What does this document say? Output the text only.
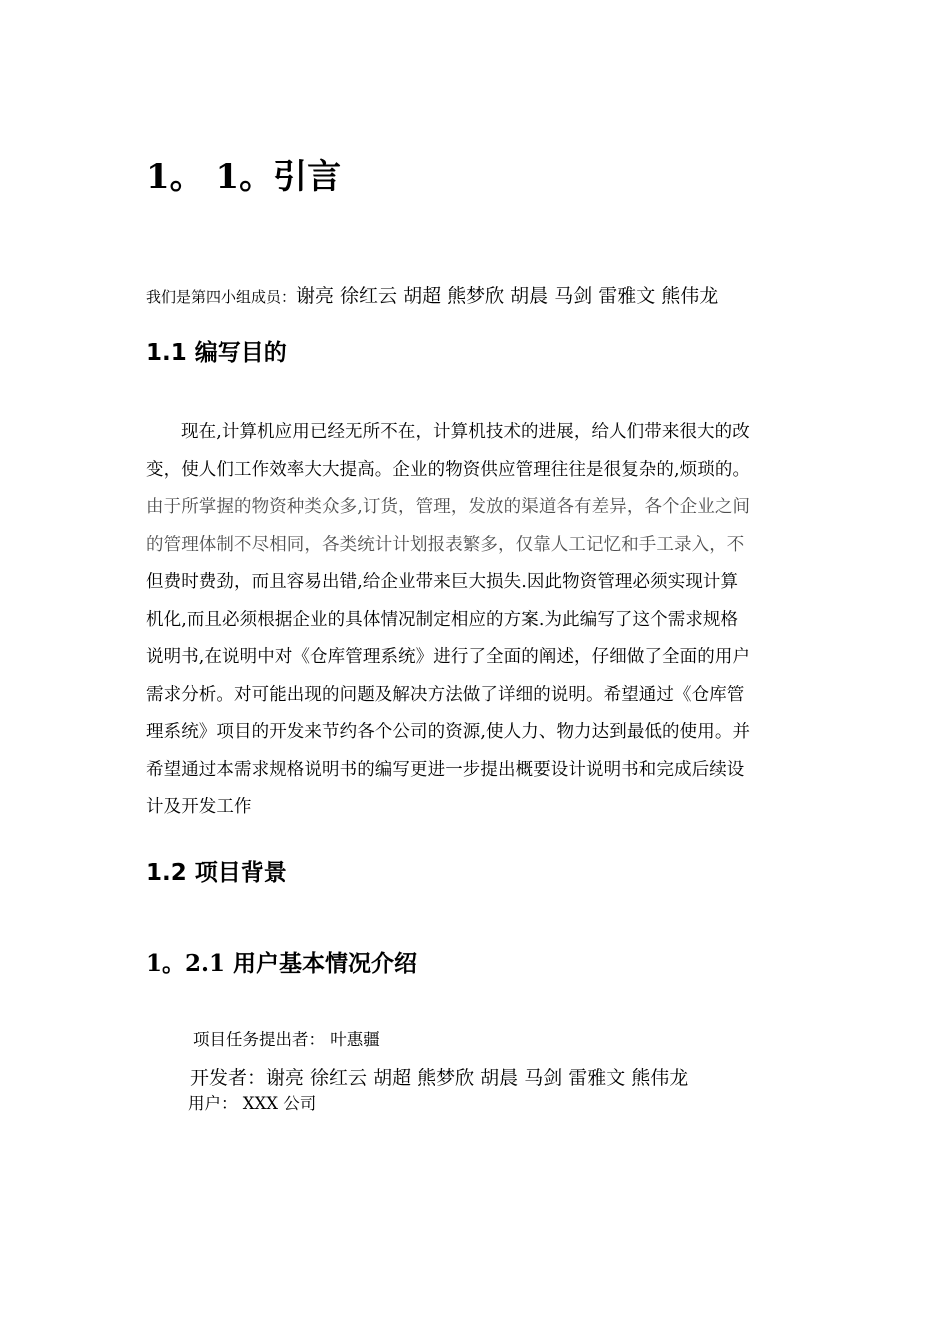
1。 1。引言

我们是第四小组成员：谢亮 徐红云 胡超 熊梦欣 胡晨 马剑 雷雅文 熊伟龙

1.1 编写目的
现在,计算机应用已经无所不在，计算机技术的进展，给人们带来很大的改
变，使人们工作效率大大提高。企业的物资供应管理往往是很复杂的,烦琐的。
由于所掌握的物资种类众多,订货，管理，发放的渠道各有差异，各个企业之间
的管理体制不尽相同，各类统计计划报表繁多，仅靠人工记忆和手工录入，不
但费时费劲，而且容易出错,给企业带来巨大损失.因此物资管理必须实现计算
机化,而且必须根据企业的具体情况制定相应的方案.为此编写了这个需求规格
说明书,在说明中对《仓库管理系统》进行了全面的阐述，仔细做了全面的用户
需求分析。对可能出现的问题及解决方法做了详细的说明。希望通过《仓库管
理系统》项目的开发来节约各个公司的资源,使人力、物力达到最低的使用。并
希望通过本需求规格说明书的编写更进一步提出概要设计说明书和完成后续设
计及开发工作
1.2 项目背景
1。2.1 用户基本情况介绍

项目任务提出者： 叶惠疆

开发者：谢亮 徐红云 胡超 熊梦欣 胡晨 马剑 雷雅文 熊伟龙

用户： XXX 公司
